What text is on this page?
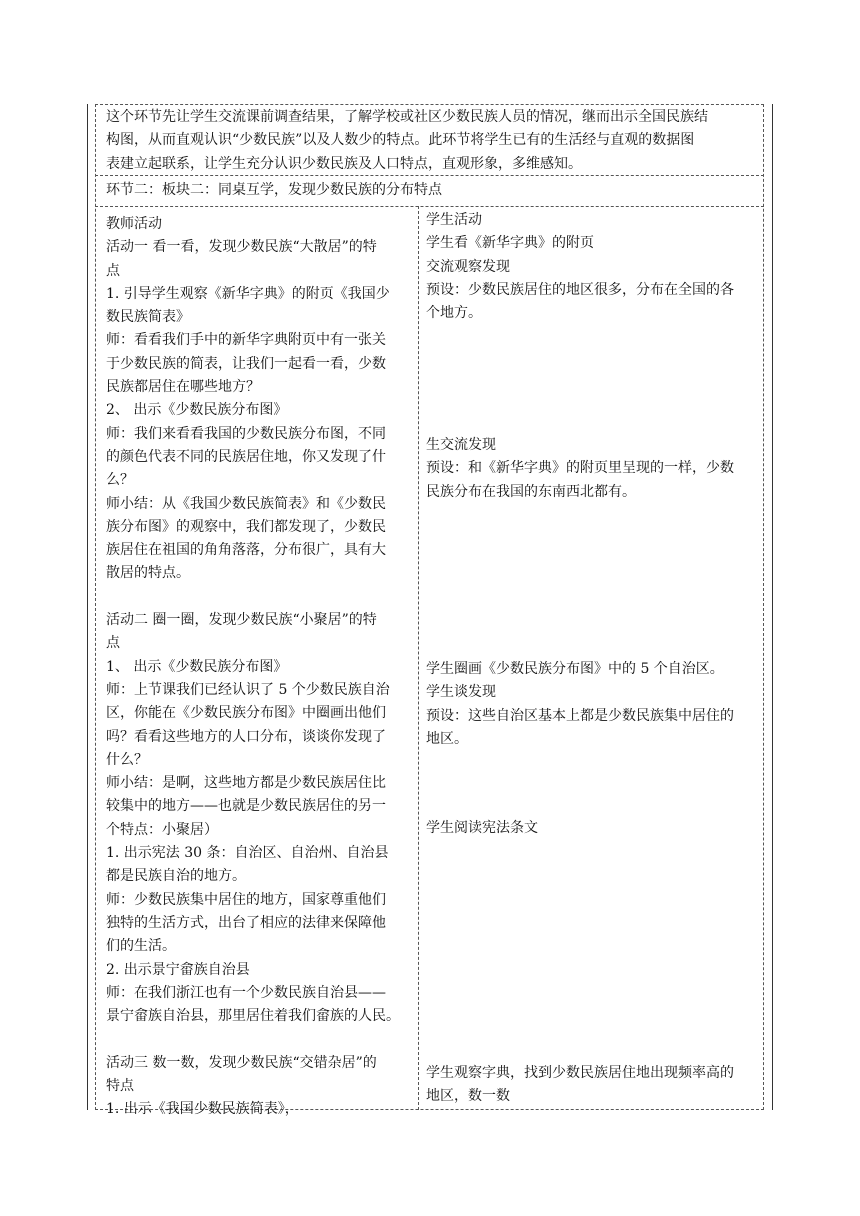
这个环节先让学生交流课前调查结果，了解学校或社区少数民族人员的情况，继而出示全国民族结

构图，从而直观认识“少数民族”以及人数少的特点。此环节将学生已有的生活经与直观的数据图

表建立起联系，让学生充分认识少数民族及人口特点，直观形象，多维感知。

环节二：板块二：同桌互学，发现少数民族的分布特点

教师活动

活动一 看一看，发现少数民族“大散居”的特

点

1. 引导学生观察《新华字典》的附页《我国少

数民族简表》

师：看看我们手中的新华字典附页中有一张关

于少数民族的简表，让我们一起看一看，少数

民族都居住在哪些地方？

2、 出示《少数民族分布图》

师：我们来看看我国的少数民族分布图，不同

的颜色代表不同的民族居住地，你又发现了什

么？

师小结：从《我国少数民族简表》和《少数民

族分布图》的观察中，我们都发现了，少数民

族居住在祖国的角角落落，分布很广，具有大

散居的特点。

活动二 圈一圈，发现少数民族“小聚居”的特

点

1、 出示《少数民族分布图》

师：上节课我们已经认识了 5 个少数民族自治

区，你能在《少数民族分布图》中圈画出他们

吗？看看这些地方的人口分布，谈谈你发现了

什么？

师小结：是啊，这些地方都是少数民族居住比

较集中的地方——也就是少数民族居住的另一

个特点：小聚居）

1. 出示宪法 30 条：自治区、自治州、自治县

都是民族自治的地方。

师：少数民族集中居住的地方，国家尊重他们

独特的生活方式，出台了相应的法律来保障他

们的生活。

2. 出示景宁畲族自治县

师：在我们浙江也有一个少数民族自治县——

景宁畲族自治县，那里居住着我们畲族的人民。

活动三 数一数，发现少数民族“交错杂居”的

特点

1. 出示《我国少数民族简表》，

学生活动

学生看《新华字典》的附页

交流观察发现

预设：少数民族居住的地区很多，分布在全国的各

个地方。

生交流发现

预设：和《新华字典》的附页里呈现的一样，少数

民族分布在我国的东南西北都有。

学生圈画《少数民族分布图》中的 5 个自治区。

学生谈发现

预设：这些自治区基本上都是少数民族集中居住的

地区。

学生阅读宪法条文

学生观察字典，找到少数民族居住地出现频率高的

地区，数一数
